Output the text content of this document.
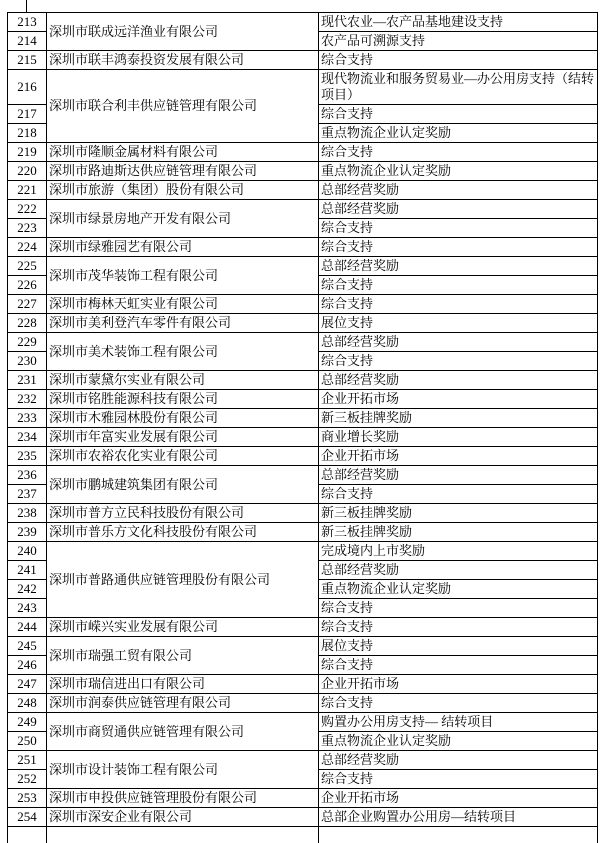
213	深圳市联成远洋渔业有限公司	现代农业—农产品基地建设支持
214		农产品可溯源支持
215	深圳市联丰鸿泰投资发展有限公司	综合支持
216	深圳市联合利丰供应链管理有限公司	现代物流业和服务贸易业—办公用房支持（结转项目）
217		综合支持
218		重点物流企业认定奖励
219	深圳市隆顺金属材料有限公司	综合支持
220	深圳市路迪斯达供应链管理有限公司	重点物流企业认定奖励
221	深圳市旅游（集团）股份有限公司	总部经营奖励
222	深圳市绿景房地产开发有限公司	总部经营奖励
223		综合支持
224	深圳市绿雅园艺有限公司	综合支持
225	深圳市茂华装饰工程有限公司	总部经营奖励
226		综合支持
227	深圳市梅林天虹实业有限公司	综合支持
228	深圳市美利登汽车零件有限公司	展位支持
229	深圳市美术装饰工程有限公司	总部经营奖励
230		综合支持
231	深圳市蒙黛尔实业有限公司	总部经营奖励
232	深圳市铭胜能源科技有限公司	企业开拓市场
233	深圳市木雅园林股份有限公司	新三板挂牌奖励
234	深圳市年富实业发展有限公司	商业增长奖励
235	深圳市农裕农化实业有限公司	企业开拓市场
236	深圳市鹏城建筑集团有限公司	总部经营奖励
237		综合支持
238	深圳市普方立民科技股份有限公司	新三板挂牌奖励
239	深圳市普乐方文化科技股份有限公司	新三板挂牌奖励
240	深圳市普路通供应链管理股份有限公司	完成境内上市奖励
241		总部经营奖励
242		重点物流企业认定奖励
243		综合支持
244	深圳市嵘兴实业发展有限公司	综合支持
245	深圳市瑞强工贸有限公司	展位支持
246		综合支持
247	深圳市瑞信进出口有限公司	企业开拓市场
248	深圳市润泰供应链管理有限公司	综合支持
249	深圳市商贸通供应链管理有限公司	购置办公用房支持— 结转项目
250		重点物流企业认定奖励
251	深圳市设计装饰工程有限公司	总部经营奖励
252		综合支持
253	深圳市申投供应链管理股份有限公司	企业开拓市场
254	深圳市深安企业有限公司	总部企业购置办公用房—结转项目
